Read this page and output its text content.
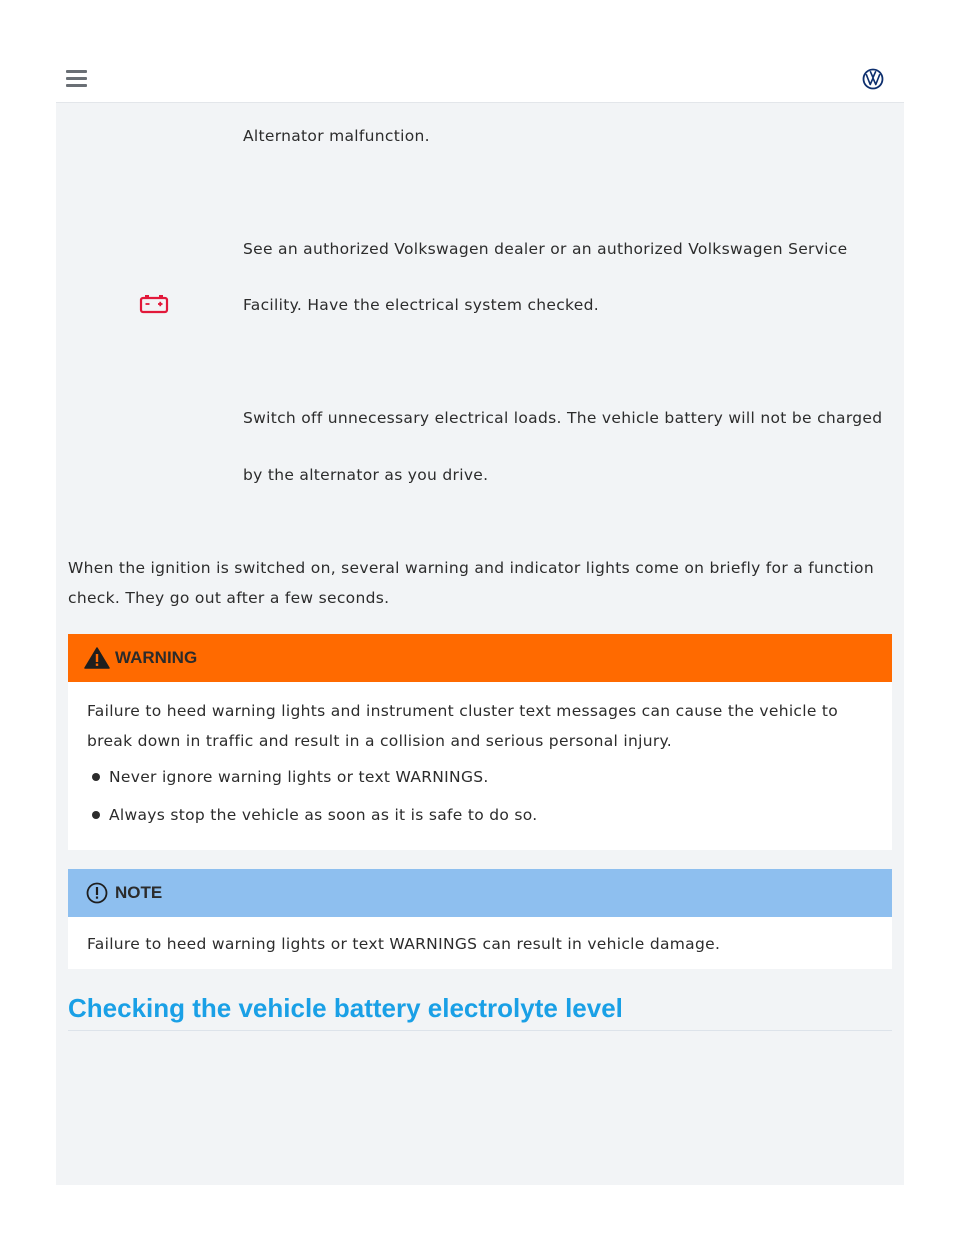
Alternator malfunction.
See an authorized Volkswagen dealer or an authorized Volkswagen Service
Facility. Have the electrical system checked.
Switch off unnecessary electrical loads. The vehicle battery will not be charged
by the alternator as you drive.
When the ignition is switched on, several warning and indicator lights come on briefly for a function check. They go out after a few seconds.
WARNING

Failure to heed warning lights and instrument cluster text messages can cause the vehicle to break down in traffic and result in a collision and serious personal injury.

Never ignore warning lights or text WARNINGS.
Always stop the vehicle as soon as it is safe to do so.
NOTE

Failure to heed warning lights or text WARNINGS can result in vehicle damage.

Checking the vehicle battery electrolyte level
